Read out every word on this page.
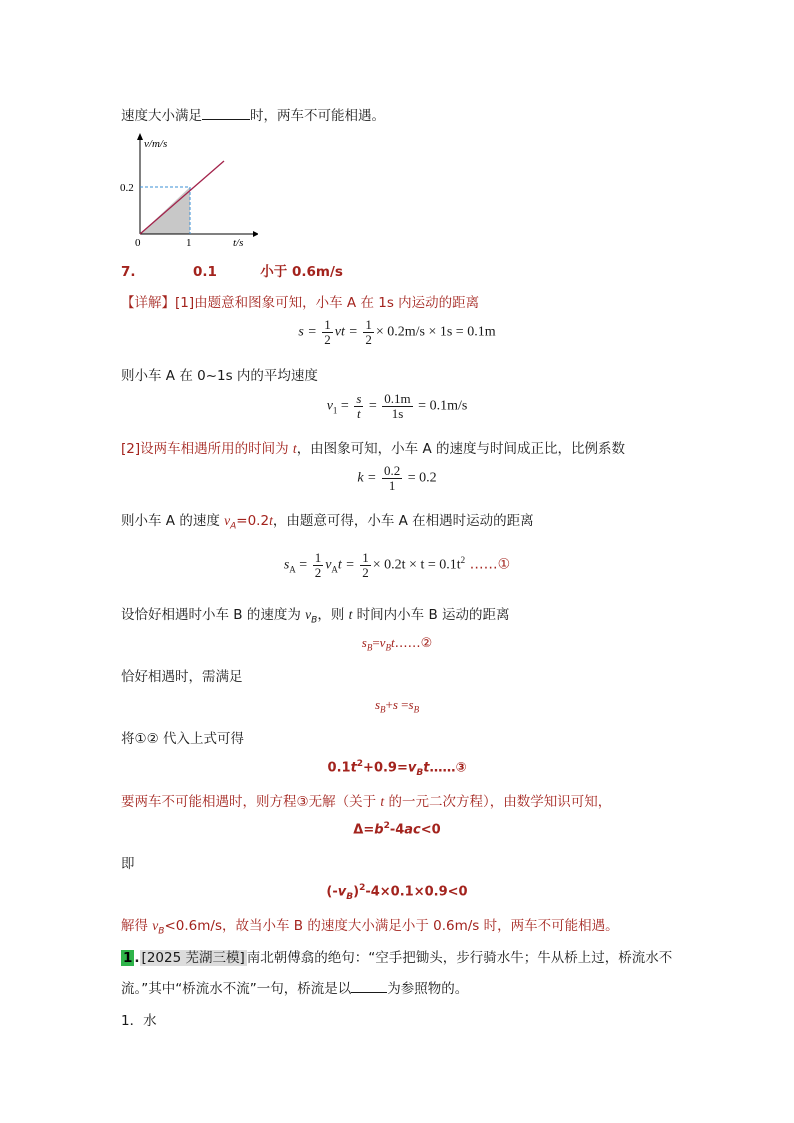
速度大小满足	时，两车不可能相遇。
v/m/s
0.2
1
0	t/s
7.	0.1	小于 0.6m/s
【详解】[1]由题意和图象可知，小车 A 在 1s 内运动的距离
$s = \frac{1}{2}$ vt = $\frac{1}{2} \times 0.2m/s \times 1s = 0.1m$
则小车 A 在 0~1s 内的平均速度
$v_1 = \frac{s}{t} = \frac{0.1m}{1s} = 0.1m/s$
[2]设两车相遇所用的时间为 t，由图象可知，小车 A 的速度与时间成正比，比例系数
$k = \frac{0.2}{1} = 0.2$
则小车 A 的速度 $v_A=0.2t$，由题意可得，小车 A 在相遇时运动的距离
$s_A = \frac{1}{2} v_At = \frac{1}{2} \times 0.2t \times t = 0.1t^2$ ……①
设恰好相遇时小车 B 的速度为 $v_B$，则 t 时间内小车 B 运动的距离
$s_B=v_Bt\dots\dots ②$
恰好相遇时，需满足
$s_B+s =s_B$
将①② 代入上式可得
$0.1t^2+0.9=v_Bt\dots\dots ③$
要两车不可能相遇时，则方程③无解（关于 t 的一元二次方程），由数学知识可知，
$\Delta=b^2-4ac<0$
即
$(-v_B)^2-4\times 0.1\times 0.9<0$
解得 $v_B<0.6m/s$，故当小车 B 的速度大小满足小于 0.6m/s 时，两车不可能相遇。
1 . [2025 芜湖三模] 南北朝傅翕的绝句：“空手把锄头，步行骑水牛；牛从桥上过，桥流水不
流。”其中“桥流水不流”一句，桥流是以	为参照物的。
1．水
